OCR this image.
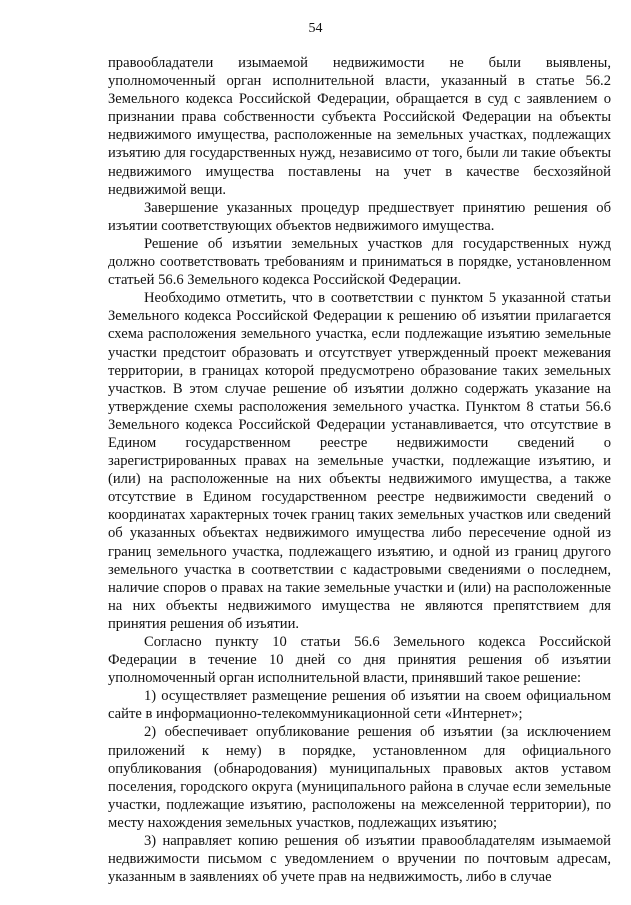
54

правообладатели изымаемой недвижимости не были выявлены, уполномоченный орган исполнительной власти, указанный в статье 56.2 Земельного кодекса Российской Федерации, обращается в суд с заявлением о признании права собственности субъекта Российской Федерации на объекты недвижимого имущества, расположенные на земельных участках, подлежащих изъятию для государственных нужд, независимо от того, были ли такие объекты недвижимого имущества поставлены на учет в качестве бесхозяйной недвижимой вещи.

Завершение указанных процедур предшествует принятию решения об изъятии соответствующих объектов недвижимого имущества.

Решение об изъятии земельных участков для государственных нужд должно соответствовать требованиям и приниматься в порядке, установленном статьей 56.6 Земельного кодекса Российской Федерации.

Необходимо отметить, что в соответствии с пунктом 5 указанной статьи Земельного кодекса Российской Федерации к решению об изъятии прилагается схема расположения земельного участка, если подлежащие изъятию земельные участки предстоит образовать и отсутствует утвержденный проект межевания территории, в границах которой предусмотрено образование таких земельных участков. В этом случае решение об изъятии должно содержать указание на утверждение схемы расположения земельного участка. Пунктом 8 статьи 56.6 Земельного кодекса Российской Федерации устанавливается, что отсутствие в Едином государственном реестре недвижимости сведений о зарегистрированных правах на земельные участки, подлежащие изъятию, и (или) на расположенные на них объекты недвижимого имущества, а также отсутствие в Едином государственном реестре недвижимости сведений о координатах характерных точек границ таких земельных участков или сведений об указанных объектах недвижимого имущества либо пересечение одной из границ земельного участка, подлежащего изъятию, и одной из границ другого земельного участка в соответствии с кадастровыми сведениями о последнем, наличие споров о правах на такие земельные участки и (или) на расположенные на них объекты недвижимого имущества не являются препятствием для принятия решения об изъятии.

Согласно пункту 10 статьи 56.6 Земельного кодекса Российской Федерации в течение 10 дней со дня принятия решения об изъятии уполномоченный орган исполнительной власти, принявший такое решение:

1) осуществляет размещение решения об изъятии на своем официальном сайте в информационно-телекоммуникационной сети «Интернет»;

2) обеспечивает опубликование решения об изъятии (за исключением приложений к нему) в порядке, установленном для официального опубликования (обнародования) муниципальных правовых актов уставом поселения, городского округа (муниципального района в случае если земельные участки, подлежащие изъятию, расположены на межселенной территории), по месту нахождения земельных участков, подлежащих изъятию;

3) направляет копию решения об изъятии правообладателям изымаемой недвижимости письмом с уведомлением о вручении по почтовым адресам, указанным в заявлениях об учете прав на недвижимость, либо в случае
